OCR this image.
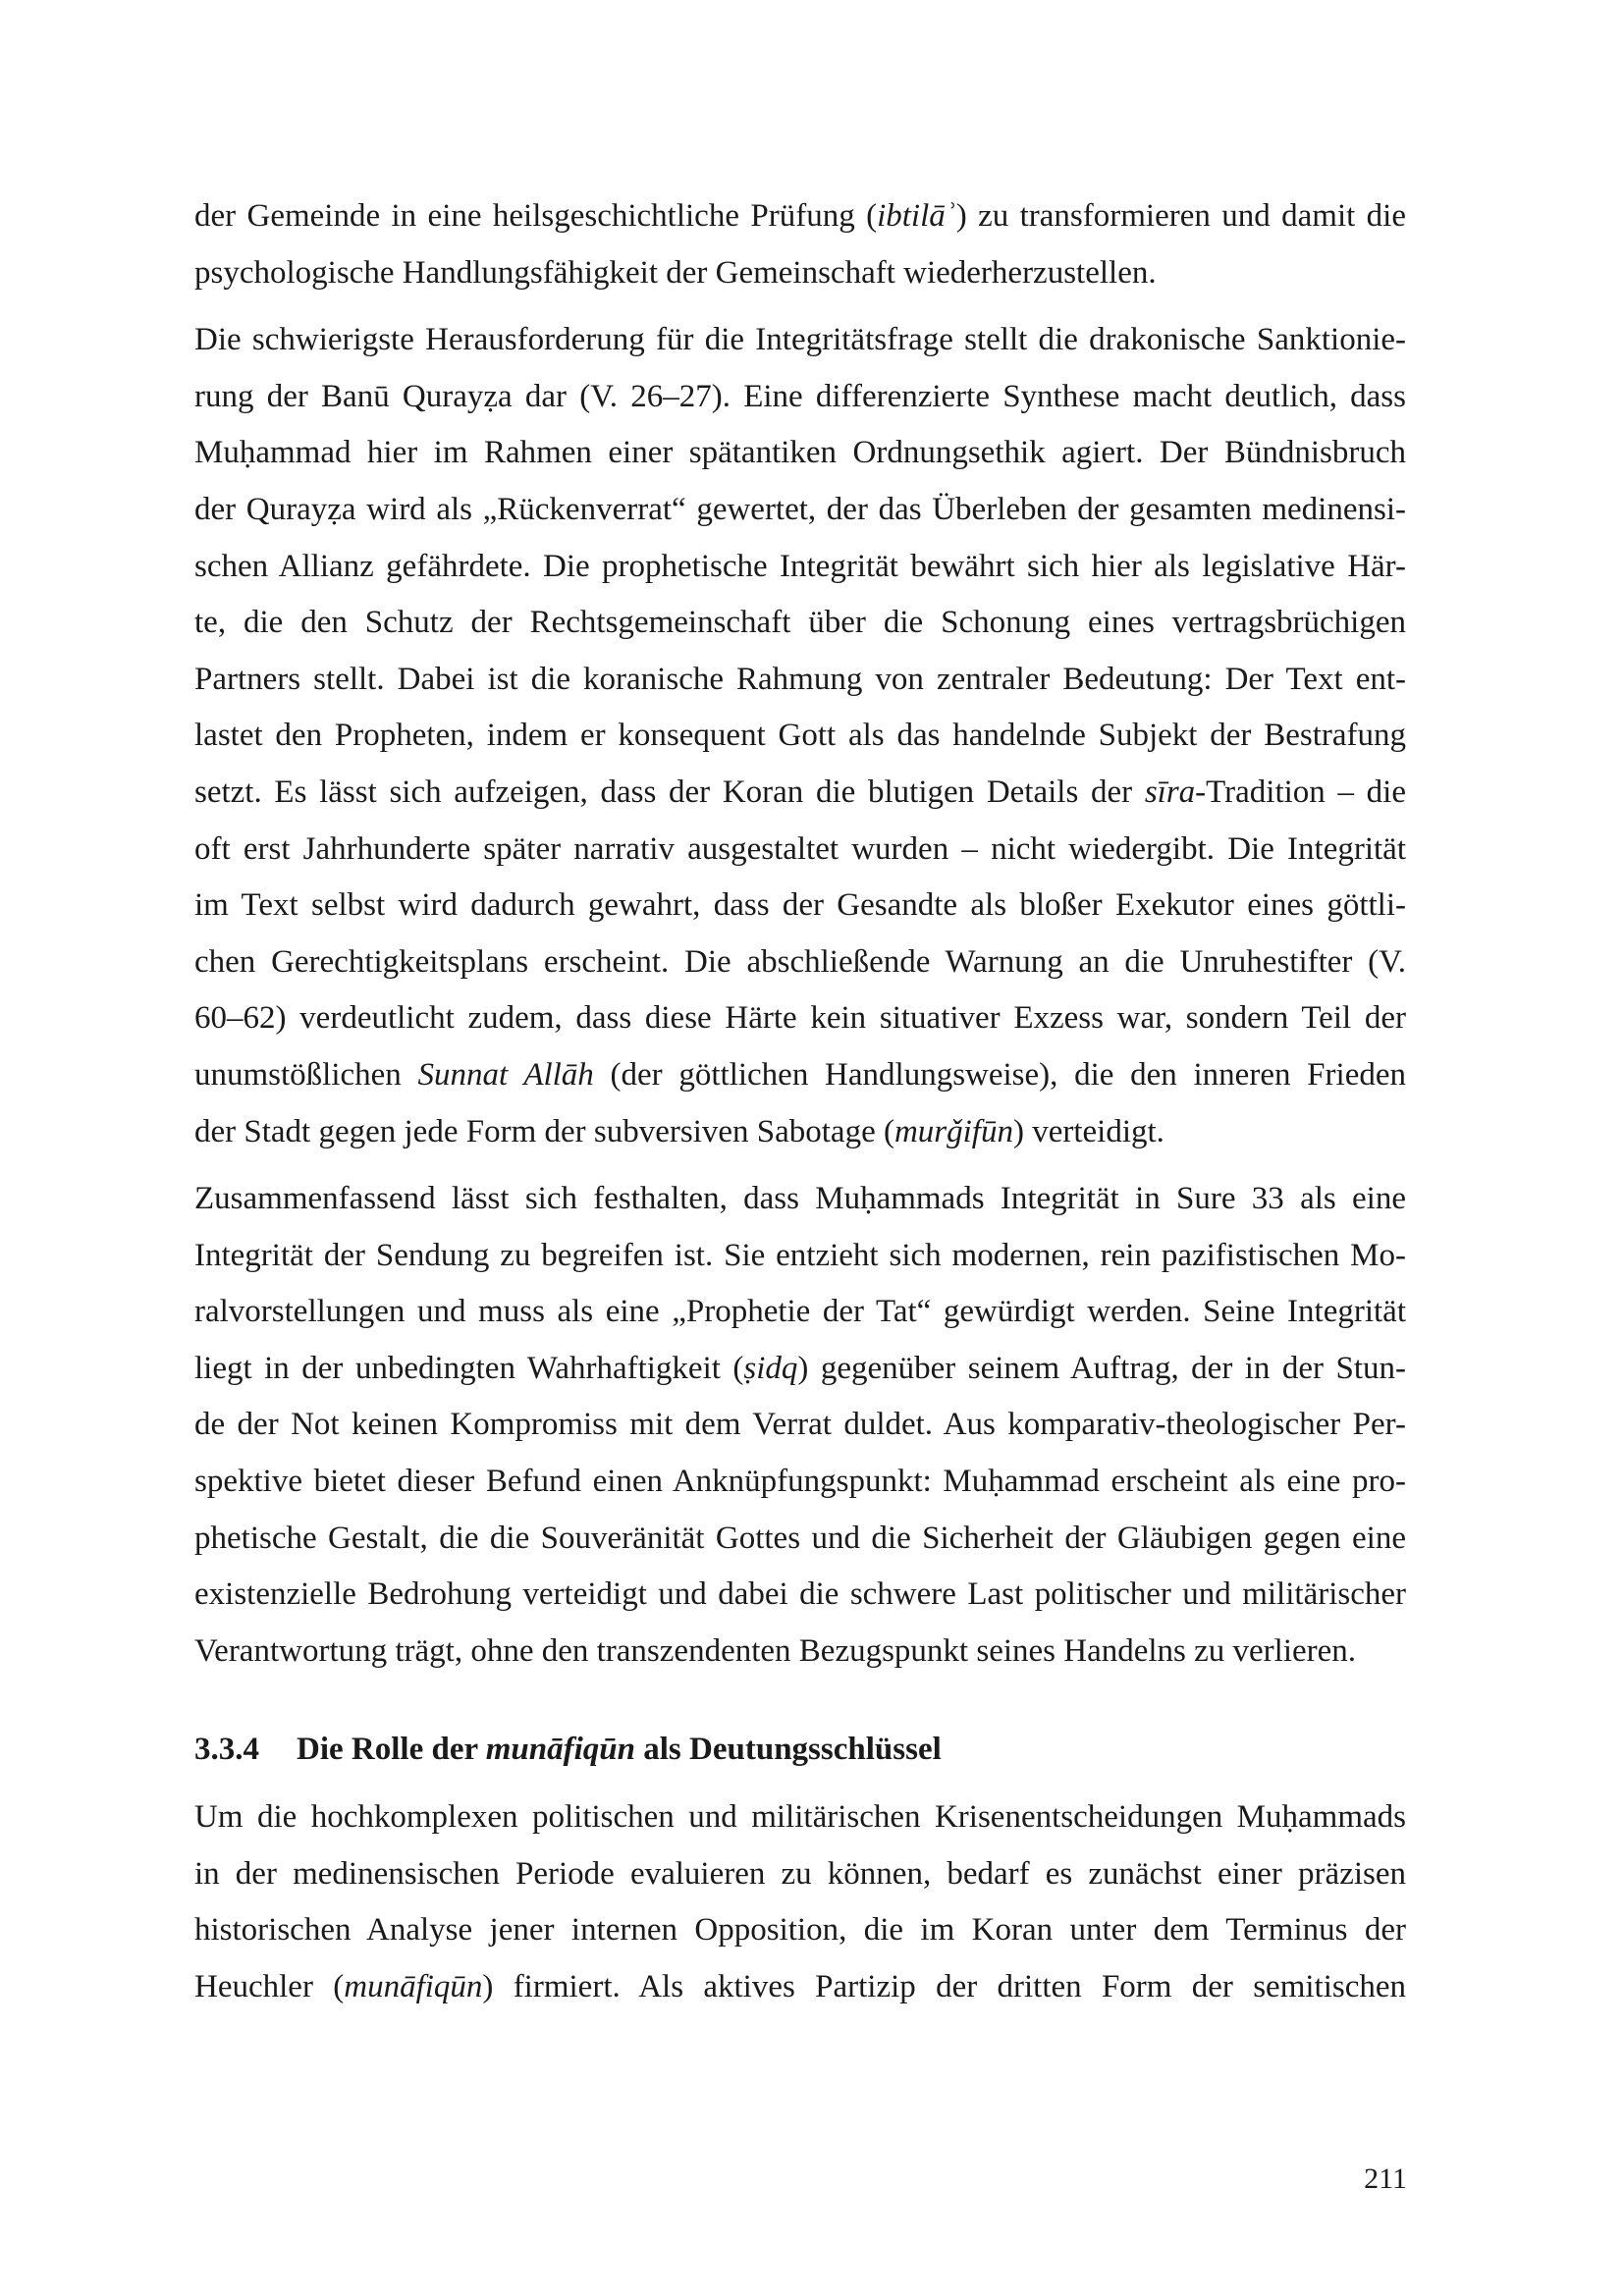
der Gemeinde in eine heilsgeschichtliche Prüfung (ibtilāʾ) zu transformieren und damit die
psychologische Handlungsfähigkeit der Gemeinschaft wiederherzustellen.
Die schwierigste Herausforderung für die Integritätsfrage stellt die drakonische Sanktionie-
rung der Banū Qurayẓa dar (V. 26–27). Eine differenzierte Synthese macht deutlich, dass
Muḥammad hier im Rahmen einer spätantiken Ordnungsethik agiert. Der Bündnisbruch
der Qurayẓa wird als „Rückenverrat“ gewertet, der das Überleben der gesamten medinensi-
schen Allianz gefährdete. Die prophetische Integrität bewährt sich hier als legislative Här-
te, die den Schutz der Rechtsgemeinschaft über die Schonung eines vertragsbrüchigen
Partners stellt. Dabei ist die koranische Rahmung von zentraler Bedeutung: Der Text ent-
lastet den Propheten, indem er konsequent Gott als das handelnde Subjekt der Bestrafung
setzt. Es lässt sich aufzeigen, dass der Koran die blutigen Details der sīra-Tradition – die
oft erst Jahrhunderte später narrativ ausgestaltet wurden – nicht wiedergibt. Die Integrität
im Text selbst wird dadurch gewahrt, dass der Gesandte als bloßer Exekutor eines göttli-
chen Gerechtigkeitsplans erscheint. Die abschließende Warnung an die Unruhestifter (V.
60–62) verdeutlicht zudem, dass diese Härte kein situativer Exzess war, sondern Teil der
unumstößlichen Sunnat Allāh (der göttlichen Handlungsweise), die den inneren Frieden
der Stadt gegen jede Form der subversiven Sabotage (murǧifūn) verteidigt.
Zusammenfassend lässt sich festhalten, dass Muḥammads Integrität in Sure 33 als eine
Integrität der Sendung zu begreifen ist. Sie entzieht sich modernen, rein pazifistischen Mo-
ralvorstellungen und muss als eine „Prophetie der Tat“ gewürdigt werden. Seine Integrität
liegt in der unbedingten Wahrhaftigkeit (ṣidq) gegenüber seinem Auftrag, der in der Stun-
de der Not keinen Kompromiss mit dem Verrat duldet. Aus komparativ-theologischer Per-
spektive bietet dieser Befund einen Anknüpfungspunkt: Muḥammad erscheint als eine pro-
phetische Gestalt, die die Souveränität Gottes und die Sicherheit der Gläubigen gegen eine
existenzielle Bedrohung verteidigt und dabei die schwere Last politischer und militärischer
Verantwortung trägt, ohne den transzendenten Bezugspunkt seines Handelns zu verlieren.
3.3.4 Die Rolle der munāfiqūn als Deutungsschlüssel
Um die hochkomplexen politischen und militärischen Krisenentscheidungen Muḥammads
in der medinensischen Periode evaluieren zu können, bedarf es zunächst einer präzisen
historischen Analyse jener internen Opposition, die im Koran unter dem Terminus der
Heuchler (munāfiqūn) firmiert. Als aktives Partizip der dritten Form der semitischen
211
